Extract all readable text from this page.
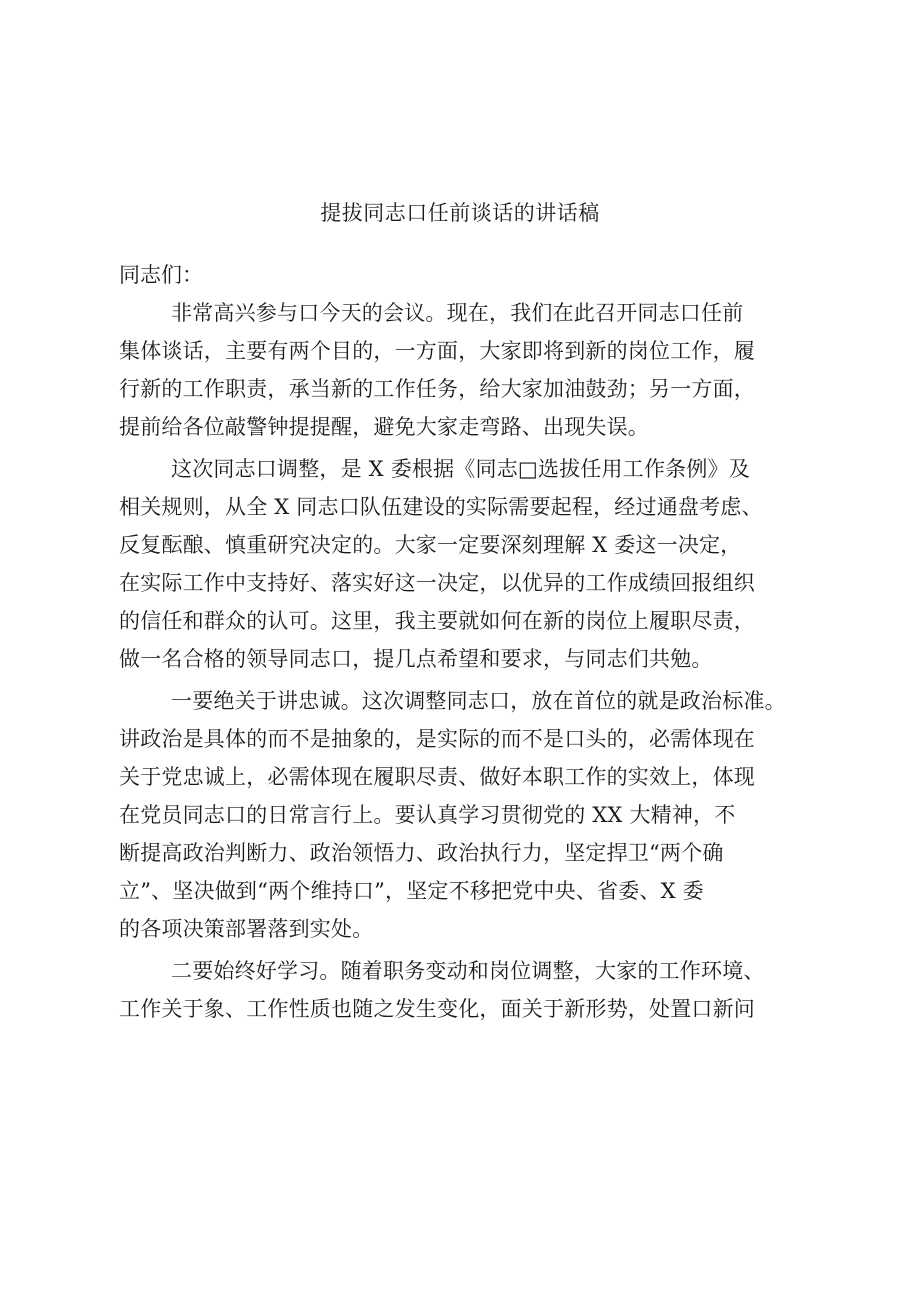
提拔同志口任前谈话的讲话稿

同志们：

非常高兴参与口今天的会议。现在，我们在此召开同志口任前
集体谈话，主要有两个目的，一方面，大家即将到新的岗位工作，履
行新的工作职责，承当新的工作任务，给大家加油鼓劲；另一方面，
提前给各位敲警钟提提醒，避免大家走弯路、出现失误。

这次同志口调整，是 X 委根据《同志□选拔任用工作条例》及
相关规则，从全 X 同志口队伍建设的实际需要起程，经过通盘考虑、
反复酝酿、慎重研究决定的。大家一定要深刻理解 X 委这一决定，
在实际工作中支持好、落实好这一决定，以优异的工作成绩回报组织
的信任和群众的认可。这里，我主要就如何在新的岗位上履职尽责，
做一名合格的领导同志口，提几点希望和要求，与同志们共勉。

一要绝关于讲忠诚。这次调整同志口，放在首位的就是政治标准。
讲政治是具体的而不是抽象的，是实际的而不是口头的，必需体现在
关于党忠诚上，必需体现在履职尽责、做好本职工作的实效上，体现
在党员同志口的日常言行上。要认真学习贯彻党的 XX 大精神，不
断提高政治判断力、政治领悟力、政治执行力，坚定捍卫“两个确
立”、坚决做到“两个维持口”，坚定不移把党中央、省委、X 委
的各项决策部署落到实处。

二要始终好学习。随着职务变动和岗位调整，大家的工作环境、
工作关于象、工作性质也随之发生变化，面关于新形势，处置口新问
